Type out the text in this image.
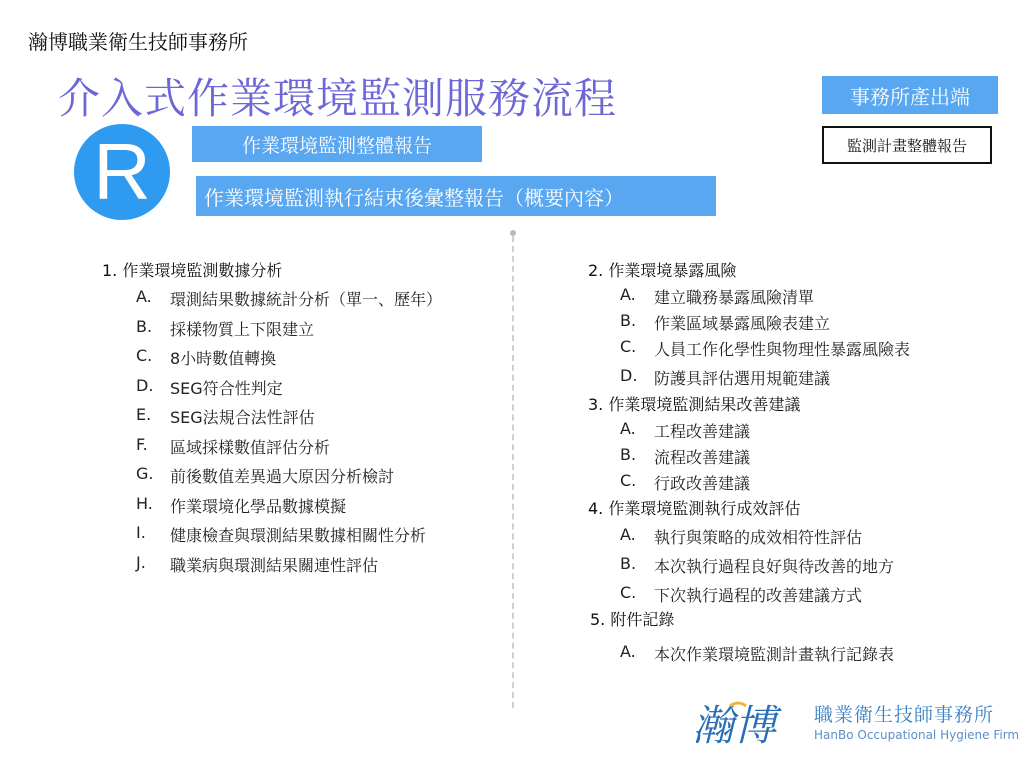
瀚博職業衛生技師事務所
介入式作業環境監測服務流程	事務所產出端
監測計畫整體報告
R	作業環境監測整體報告
作業環境監測執行結束後彙整報告（概要內容）
1. 作業環境監測數據分析
A. 環測結果數據統計分析（單一、歷年）
B. 採樣物質上下限建立
C. 8小時數值轉換
D. SEG符合性判定
E. SEG法規合法性評估
F. 區域採樣數值評估分析
G. 前後數值差異過大原因分析檢討
H. 作業環境化學品數據模擬
I. 健康檢查與環測結果數據相關性分析
J. 職業病與環測結果關連性評估
2. 作業環境暴露風險
A. 建立職務暴露風險清單
B. 作業區域暴露風險表建立
C. 人員工作化學性與物理性暴露風險表
D. 防護具評估選用規範建議
3. 作業環境監測結果改善建議
A. 工程改善建議
B. 流程改善建議
C. 行政改善建議
4. 作業環境監測執行成效評估
A. 執行與策略的成效相符性評估
B. 本次執行過程良好與待改善的地方
C. 下次執行過程的改善建議方式
5. 附件記錄
A. 本次作業環境監測計畫執行記錄表
瀚博	職業衛生技師事務所
HanBo Occupational Hygiene Firm
